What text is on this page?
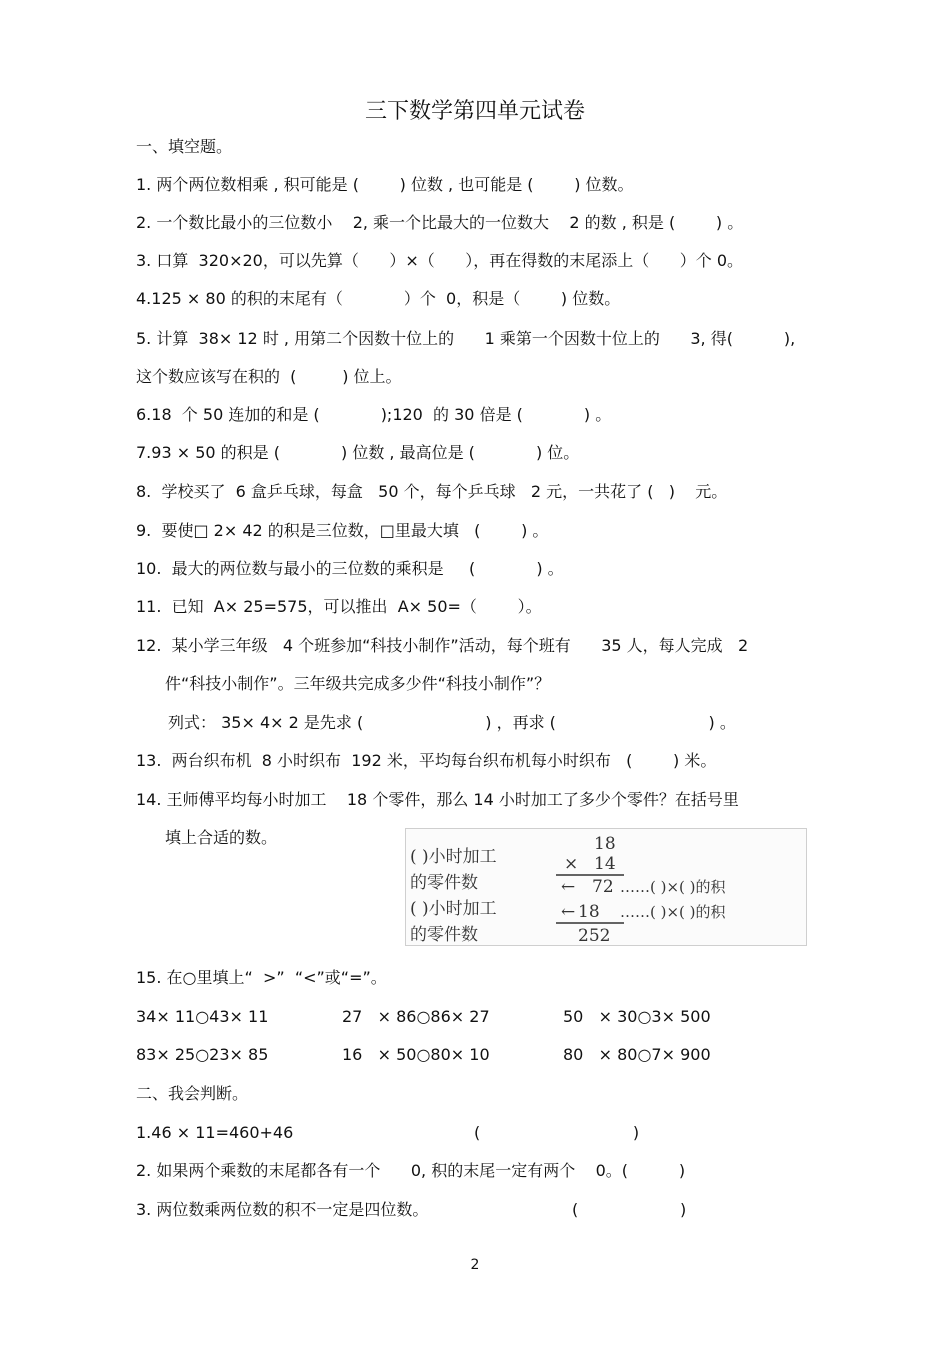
三下数学第四单元试卷
一、填空题。
1. 两个两位数相乘 , 积可能是 (        ) 位数 , 也可能是 (        ) 位数。
2. 一个数比最小的三位数小    2, 乘一个比最大的一位数大    2 的数 , 积是 (        ) 。
3. 口算  320×20，可以先算（      ）×（      ），再在得数的末尾添上（      ）个 0。
4.125 × 80 的积的末尾有（            ）个  0，积是（        ) 位数。
5. 计算  38× 12 时 , 用第二个因数十位上的      1 乘第一个因数十位上的      3, 得(          ),
这个数应该写在积的  (         ) 位上。
6.18  个 50 连加的和是 (            );120  的 30 倍是 (            ) 。
7.93 × 50 的积是 (            ) 位数 , 最高位是 (            ) 位。
8.  学校买了  6 盒乒乓球，每盒   50 个，每个乒乓球   2 元，一共花了 (   )    元。
9.  要使□ 2× 42 的积是三位数，□里最大填   (        ) 。
10.  最大的两位数与最小的三位数的乘积是     (            ) 。
11.  已知  A× 25=575，可以推出  A× 50=（        ）。
12.  某小学三年级   4 个班参加“科技小制作”活动，每个班有      35 人，每人完成   2
件“科技小制作”。三年级共完成多少件“科技小制作”？
列式： 35× 4× 2 是先求 (                        ) ，再求 (                              ) 。
13.  两台织布机  8 小时织布  192 米，平均每台织布机每小时织布   (        ) 米。
14. 王师傅平均每小时加工    18 个零件，那么 14 小时加工了多少个零件？在括号里
填上合适的数。
( )小时加工
的零件数
( )小时加工
的零件数
18
× 14
← 72 ……( )×( )的积
← 18 ……( )×( )的积
252
15. 在○里填上“  >”  “<”或“=”。
34× 11○43× 11	27   × 86○86× 27	50   × 30○3× 500
83× 25○23× 85	16   × 50○80× 10	80   × 80○7× 900
二、我会判断。
1.46 × 11=460+46	(                              )
2. 如果两个乘数的末尾都各有一个      0, 积的末尾一定有两个    0。(          )
3. 两位数乘两位数的积不一定是四位数。	(                    )
2
